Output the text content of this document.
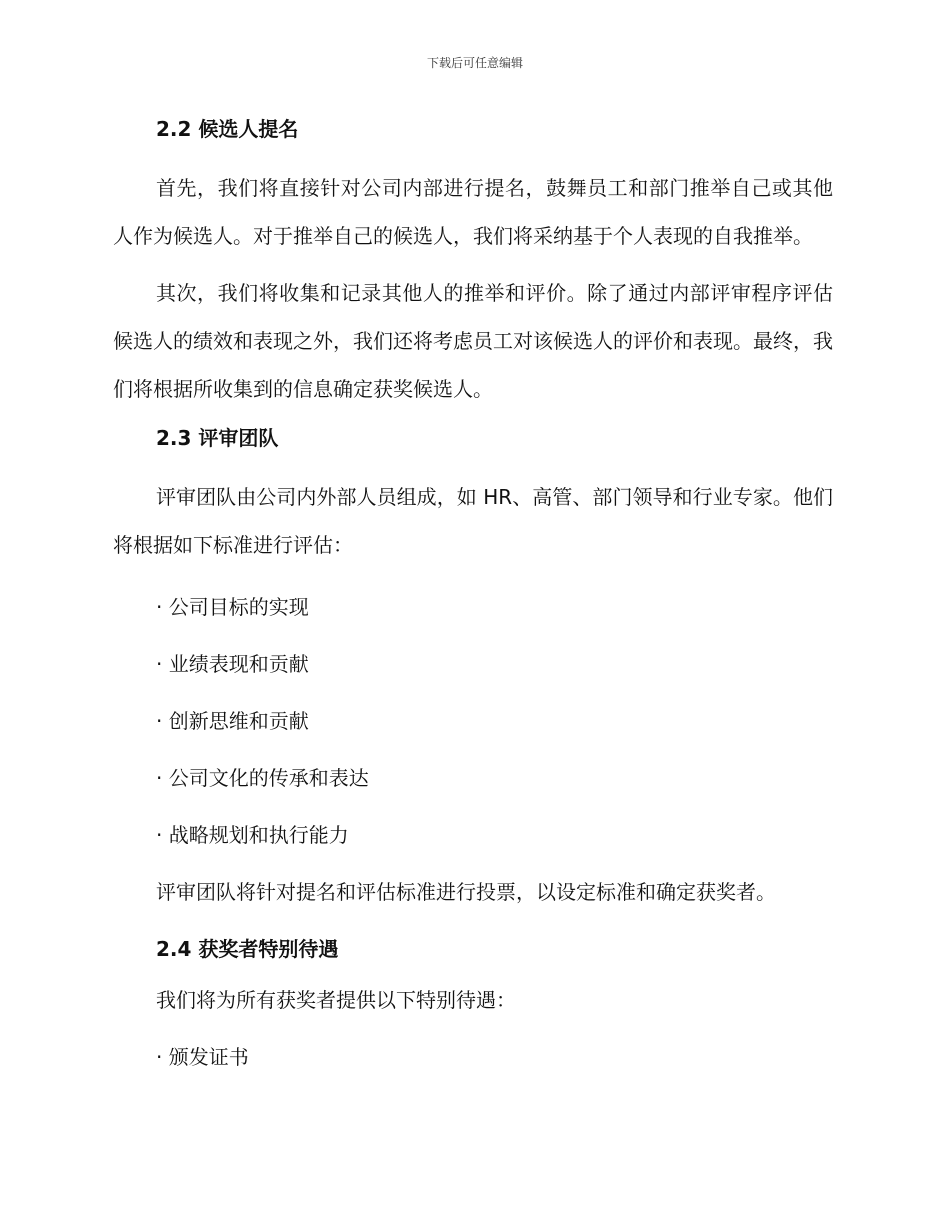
下载后可任意编辑
2.2 候选人提名
首先，我们将直接针对公司内部进行提名，鼓舞员工和部门推举自己或其他人作为候选人。对于推举自己的候选人，我们将采纳基于个人表现的自我推举。
其次，我们将收集和记录其他人的推举和评价。除了通过内部评审程序评估候选人的绩效和表现之外，我们还将考虑员工对该候选人的评价和表现。最终，我们将根据所收集到的信息确定获奖候选人。
2.3 评审团队
评审团队由公司内外部人员组成，如 HR、高管、部门领导和行业专家。他们将根据如下标准进行评估：
· 公司目标的实现
· 业绩表现和贡献
· 创新思维和贡献
· 公司文化的传承和表达
· 战略规划和执行能力
评审团队将针对提名和评估标准进行投票，以设定标准和确定获奖者。
2.4 获奖者特别待遇
我们将为所有获奖者提供以下特别待遇：
· 颁发证书
